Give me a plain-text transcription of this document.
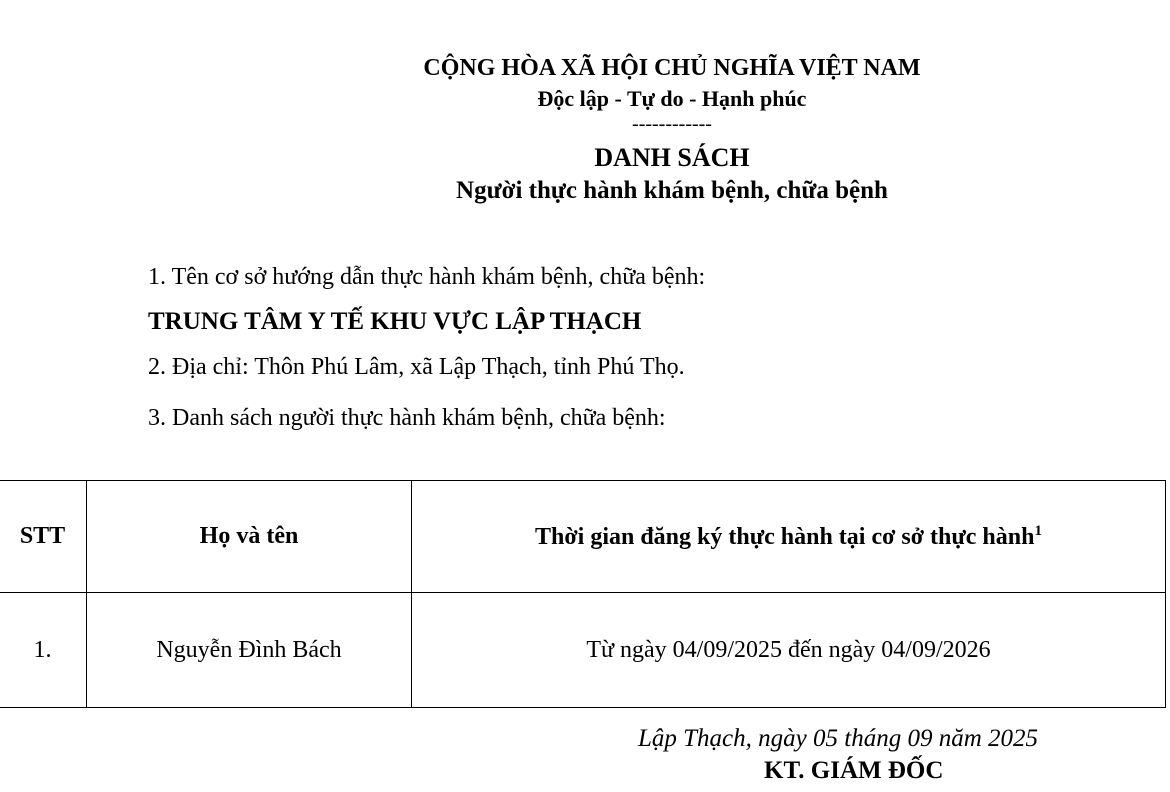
CỘNG HÒA XÃ HỘI CHỦ NGHĨA VIỆT NAM
Độc lập - Tự do - Hạnh phúc
------------
DANH SÁCH
Người thực hành khám bệnh, chữa bệnh
1. Tên cơ sở hướng dẫn thực hành khám bệnh, chữa bệnh:
TRUNG TÂM Y TẾ KHU VỰC LẬP THẠCH
2. Địa chỉ: Thôn Phú Lâm, xã Lập Thạch, tỉnh Phú Thọ.
3. Danh sách người thực hành khám bệnh, chữa bệnh:
STT	Họ và tên	Thời gian đăng ký thực hành tại cơ sở thực hành$^1$
1.	Nguyễn Đình Bách	Từ ngày 04/09/2025 đến ngày 04/09/2026
Lập Thạch, ngày 05 tháng 09 năm 2025
KT. GIÁM ĐỐC
